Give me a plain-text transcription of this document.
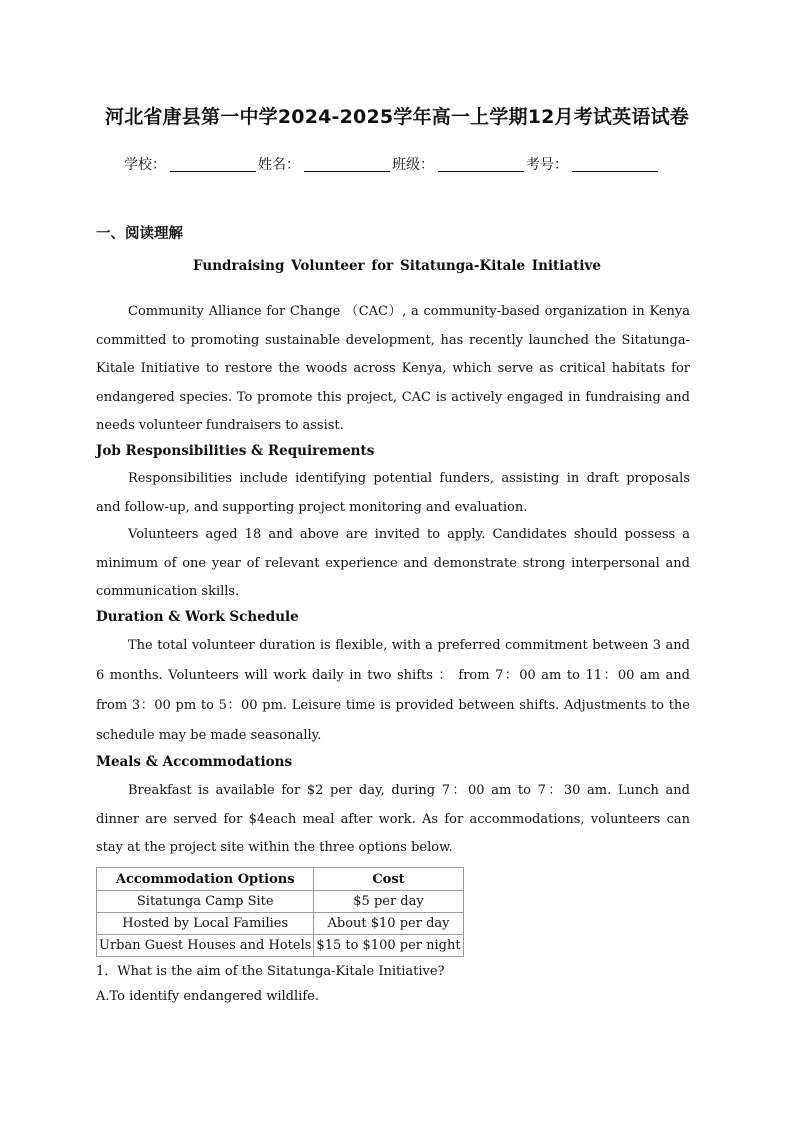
河北省唐县第一中学2024-2025学年高一上学期12月考试英语试卷
学校：	姓名：	班级：	考号：
一、阅读理解
Fundraising Volunteer for Sitatunga-Kitale Initiative
Community Alliance for Change （CAC）, a community-based organization in Kenya committed to promoting sustainable development, has recently launched the Sitatunga-Kitale Initiative to restore the woods across Kenya, which serve as critical habitats for endangered species. To promote this project, CAC is actively engaged in fundraising and needs volunteer fundraisers to assist.
Job Responsibilities & Requirements
Responsibilities include identifying potential funders, assisting in draft proposals and follow-up, and supporting project monitoring and evaluation.
Volunteers aged 18 and above are invited to apply. Candidates should possess a minimum of one year of relevant experience and demonstrate strong interpersonal and communication skills.
Duration & Work Schedule
The total volunteer duration is flexible, with a preferred commitment between 3 and 6 months. Volunteers will work daily in two shifts ： from 7：00 am to 11：00 am and from 3：00 pm to 5：00 pm. Leisure time is provided between shifts. Adjustments to the schedule may be made seasonally.
Meals & Accommodations
Breakfast is available for $2 per day, during 7：00 am to 7：30 am. Lunch and dinner are served for $4each meal after work. As for accommodations, volunteers can stay at the project site within the three options below.
Accommodation Options	Cost
Sitatunga Camp Site	$5 per day
Hosted by Local Families	About $10 per day
Urban Guest Houses and Hotels	$15 to $100 per night
1．What is the aim of the Sitatunga-Kitale Initiative?
A.To identify endangered wildlife.
